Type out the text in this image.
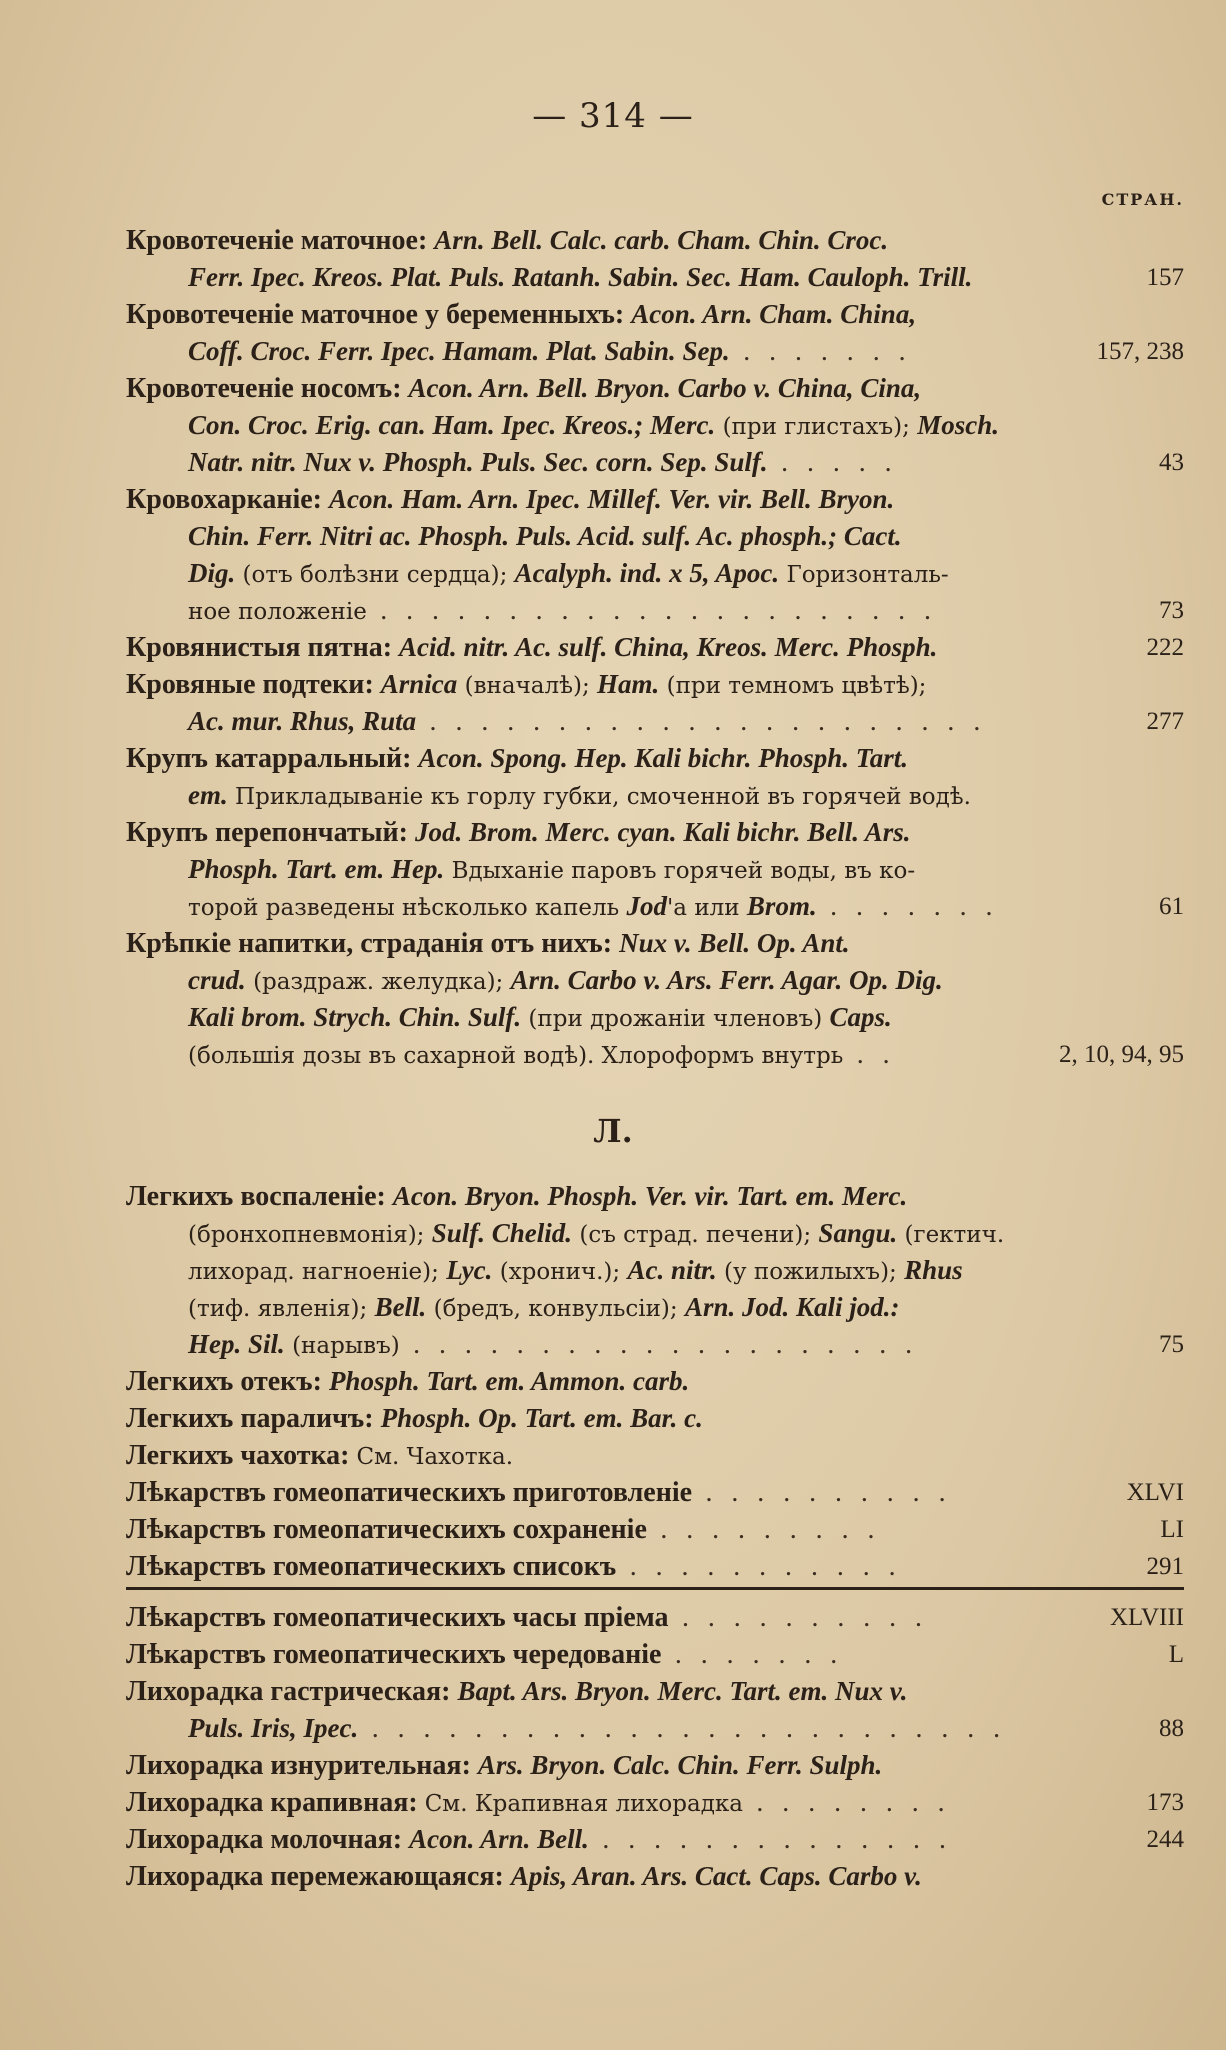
— 314 —
СТРАН.
Л.
Кровотеченіе маточное: Arn. Bell. Calc. carb. Cham. Chin. Croc.
Ferr. Ipec. Kreos. Plat. Puls. Ratanh. Sabin. Sec. Ham. Cauloph. Trill.	157
Кровотеченіе маточное у беременныхъ: Acon. Arn. Cham. China,
Coff. Croc. Ferr. Ipec. Hamam. Plat. Sabin. Sep. . . . . . . .	157, 238
Кровотеченіе носомъ: Acon. Arn. Bell. Bryon. Carbo v. China, Cina,
Con. Croc. Erig. can. Ham. Ipec. Kreos.; Merc. (при глистахъ); Mosch.
Natr. nitr. Nux v. Phosph. Puls. Sec. corn. Sep. Sulf. . . . . .	43
Кровохарканіе: Acon. Ham. Arn. Ipec. Millef. Ver. vir. Bell. Bryon.
Chin. Ferr. Nitri ac. Phosph. Puls. Acid. sulf. Ac. phosph.; Cact.
Dig. (отъ болѣзни сердца); Acalyph. ind. x 5, Apoc. Горизонталь-
ное положеніе . . . . . . . . . . . . . . . . . . . . . .	73
Кровянистыя пятна: Acid. nitr. Ac. sulf. China, Kreos. Merc. Phosph.	222
Кровяные подтеки: Arnica (вначалѣ); Ham. (при темномъ цвѣтѣ);
Ac. mur. Rhus, Ruta . . . . . . . . . . . . . . . . . . . . . .	277
Крупъ катарральный: Acon. Spong. Hep. Kali bichr. Phosph. Tart.
em. Прикладываніе къ горлу губки, смоченной въ горячей водѣ.
Крупъ перепончатый: Jod. Brom. Merc. cyan. Kali bichr. Bell. Ars.
Phosph. Tart. em. Hep. Вдыханіе паровъ горячей воды, въ ко-
торой разведены нѣсколько капель Jod'а или Brom. . . . . . . .	61
Крѣпкіе напитки, страданія отъ нихъ: Nux v. Bell. Op. Ant.
crud. (раздраж. желудка); Arn. Carbo v. Ars. Ferr. Agar. Op. Dig.
Kali brom. Strych. Chin. Sulf. (при дрожаніи членовъ) Caps.
(большія дозы въ сахарной водѣ). Хлороформъ внутрь . .	2, 10, 94, 95
Легкихъ воспаленіе: Acon. Bryon. Phosph. Ver. vir. Tart. em. Merc.
(бронхопневмонія); Sulf. Chelid. (съ страд. печени); Sangu. (гектич.
лихорад. нагноеніе); Lyc. (хронич.); Ac. nitr. (у пожилыхъ); Rhus
(тиф. явленія); Bell. (бредъ, конвульсіи); Arn. Jod. Kali jod.:
Hep. Sil. (нарывъ) . . . . . . . . . . . . . . . . . . . .	75
Легкихъ отекъ: Phosph. Tart. em. Ammon. carb.
Легкихъ параличъ: Phosph. Op. Tart. em. Bar. c.
Легкихъ чахотка: См. Чахотка.
Лѣкарствъ гомеопатическихъ приготовленіе . . . . . . . . . .	XLVI
Лѣкарствъ гомеопатическихъ сохраненіе . . . . . . . . .	LI
Лѣкарствъ гомеопатическихъ списокъ . . . . . . . . . . .	291
Лѣкарствъ гомеопатическихъ часы пріема . . . . . . . . . .	XLVIII
Лѣкарствъ гомеопатическихъ чередованіе . . . . . . .	L
Лихорадка гастрическая: Bapt. Ars. Bryon. Merc. Tart. em. Nux v.
Puls. Iris, Ipec. . . . . . . . . . . . . . . . . . . . . . . . . .	88
Лихорадка изнурительная: Ars. Bryon. Calc. Chin. Ferr. Sulph.
Лихорадка крапивная: См. Крапивная лихорадка . . . . . . . .	173
Лихорадка молочная: Acon. Arn. Bell. . . . . . . . . . . . . . .	244
Лихорадка перемежающаяся: Apis, Aran. Ars. Cact. Caps. Carbo v.
